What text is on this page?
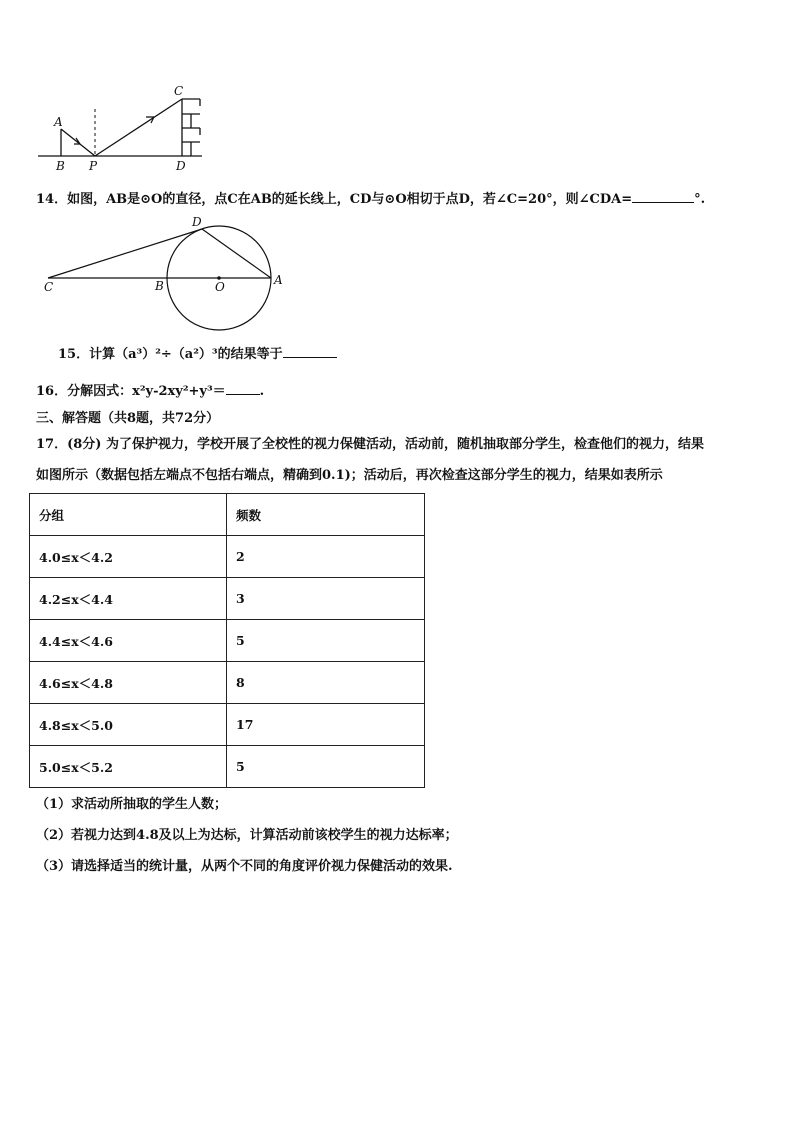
A
B P
C
D
14．如图，AB是⊙O的直径，点C在AB的延长线上，CD与⊙O相切于点D，若∠C=20°，则∠CDA=	°.
D
C	B	O	A
15．计算（a³）²÷（a²）³的结果等于
16．分解因式：x²y-2xy²+y³＝	.
三、解答题（共8题，共72分）
17．(8分) 为了保护视力，学校开展了全校性的视力保健活动，活动前，随机抽取部分学生，检查他们的视力，结果
如图所示（数据包括左端点不包括右端点，精确到0.1)；活动后，再次检查这部分学生的视力，结果如表所示
分组	频数
4.0≤x＜4.2	2
4.2≤x＜4.4	3
4.4≤x＜4.6	5
4.6≤x＜4.8	8
4.8≤x＜5.0	17
5.0≤x＜5.2	5
（1）求活动所抽取的学生人数；
（2）若视力达到4.8及以上为达标，计算活动前该校学生的视力达标率；
（3）请选择适当的统计量，从两个不同的角度评价视力保健活动的效果.
